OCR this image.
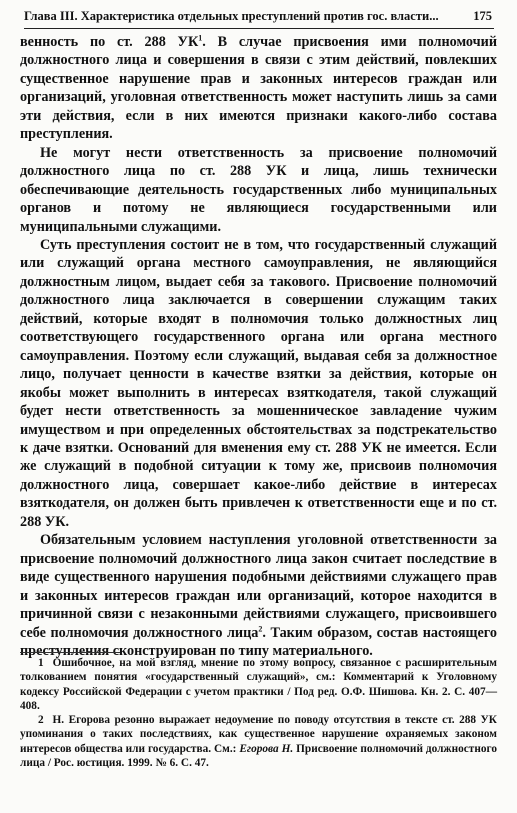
Глава III. Характеристика отдельных преступлений против гос. власти...	175

венность по ст. 288 $УК^1$. В случае присвоения ими полномочий должностного лица и совершения в связи с этим действий, повлекших существенное нарушение прав и законных интересов граждан или организаций, уголовная ответственность может наступить лишь за сами эти действия, если в них имеются признаки какого-либо состава преступления.

Не могут нести ответственность за присвоение полномочий должностного лица по ст. 288 УК и лица, лишь технически обеспечивающие деятельность государственных либо муниципальных органов и потому не являющиеся государственными или муниципальными служащими.

Суть преступления состоит не в том, что государственный служащий или служащий органа местного самоуправления, не являющийся должностным лицом, выдает себя за такового. Присвоение полномочий должностного лица заключается в совершении служащим таких действий, которые входят в полномочия только должностных лиц соответствующего государственного органа или органа местного самоуправления. Поэтому если служащий, выдавая себя за должностное лицо, получает ценности в качестве взятки за действия, которые он якобы может выполнить в интересах взяткодателя, такой служащий будет нести ответственность за мошенническое завладение чужим имуществом и при определенных обстоятельствах за подстрекательство к даче взятки. Оснований для вменения ему ст. 288 УК не имеется. Если же служащий в подобной ситуации к тому же, присвоив полномочия должностного лица, совершает какое-либо действие в интересах взяткодателя, он должен быть привлечен к ответственности еще и по ст. 288 УК.

Обязательным условием наступления уголовной ответственности за присвоение полномочий должностного лица закон считает последствие в виде существенного нарушения подобными действиями служащего прав и законных интересов граждан или организаций, которое находится в причинной связи с незаконными действиями служащего, присвоившего себе полномочия должностного лица$^2$. Таким образом, состав настоящего преступления сконструирован по типу материального.

1 Ошибочное, на мой взгляд, мнение по этому вопросу, связанное с расширительным толкованием понятия «государственный служащий», см.: Комментарий к Уголовному кодексу Российской Федерации с учетом практики / Под ред. О.Ф. Шишова. Кн. 2. С. 407—408.

2 Н. Егорова резонно выражает недоумение по поводу отсутствия в тексте ст. 288 УК упоминания о таких последствиях, как существенное нарушение охраняемых законом интересов общества или государства. См.: Егорова Н. Присвоение полномочий должностного лица / Рос. юстиция. 1999. № 6. С. 47.
